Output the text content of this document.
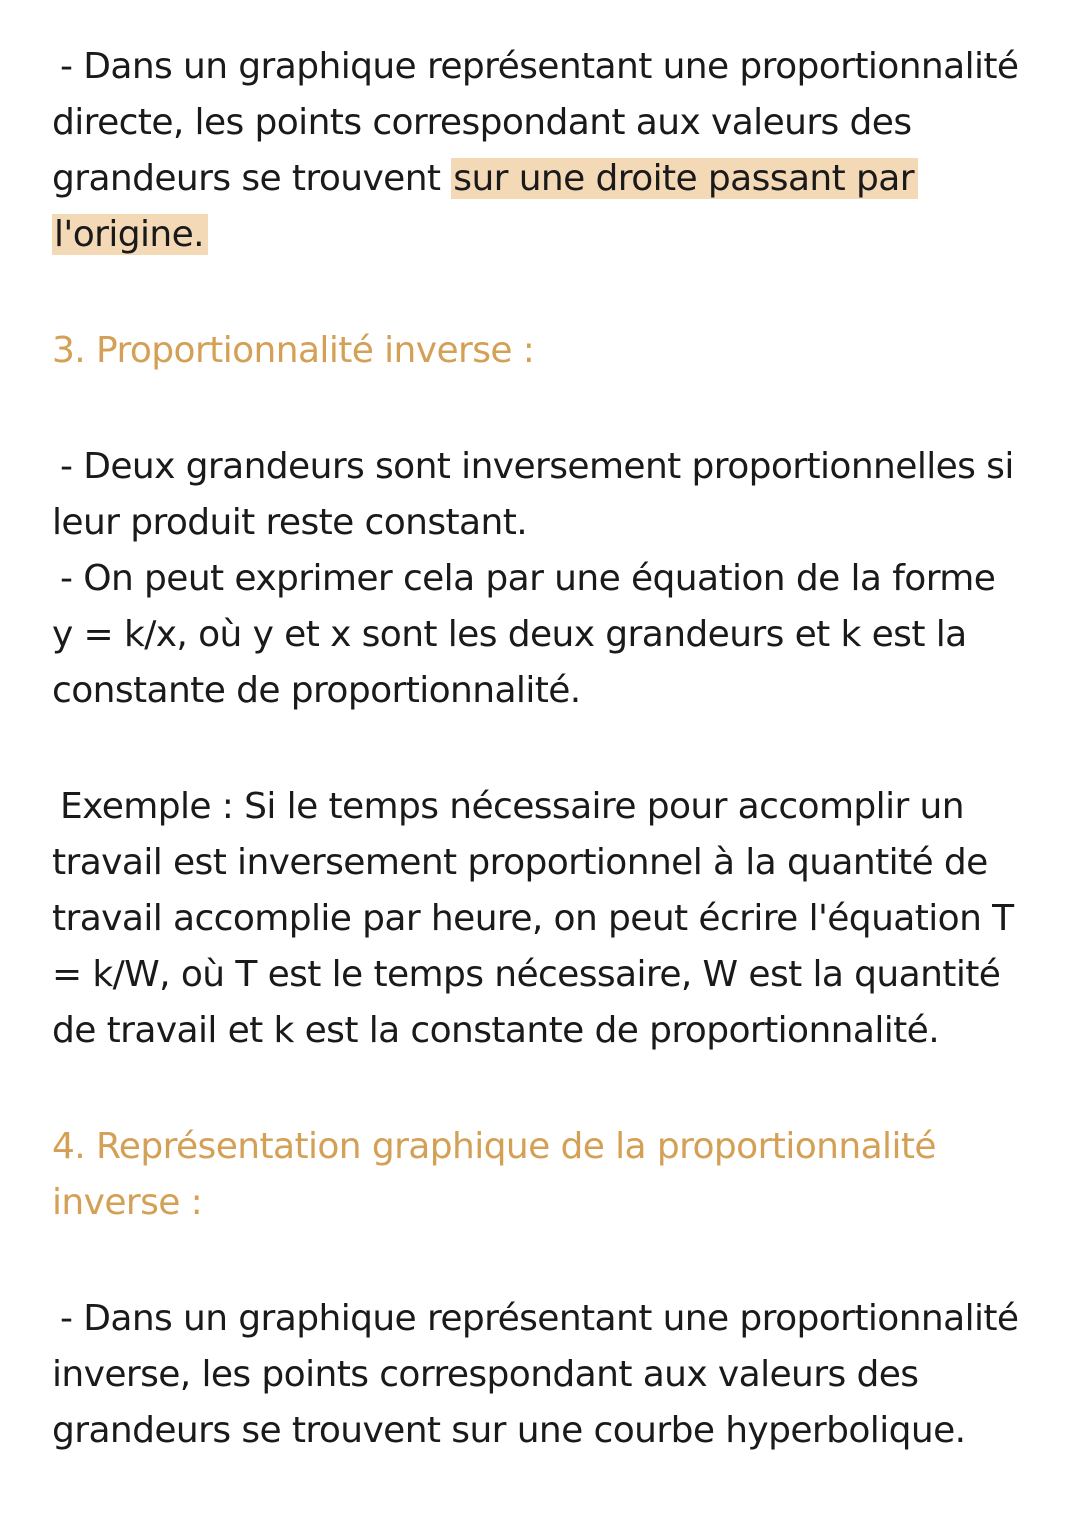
- Dans un graphique représentant une proportionnalité
directe, les points correspondant aux valeurs des
grandeurs se trouvent sur une droite passant par
l'origine.
3. Proportionnalité inverse :
- Deux grandeurs sont inversement proportionnelles si
leur produit reste constant.
- On peut exprimer cela par une équation de la forme
y = k/x, où y et x sont les deux grandeurs et k est la
constante de proportionnalité.
Exemple : Si le temps nécessaire pour accomplir un
travail est inversement proportionnel à la quantité de
travail accomplie par heure, on peut écrire l'équation T
= k/W, où T est le temps nécessaire, W est la quantité
de travail et k est la constante de proportionnalité.
4. Représentation graphique de la proportionnalité
inverse :
- Dans un graphique représentant une proportionnalité
inverse, les points correspondant aux valeurs des
grandeurs se trouvent sur une courbe hyperbolique.
